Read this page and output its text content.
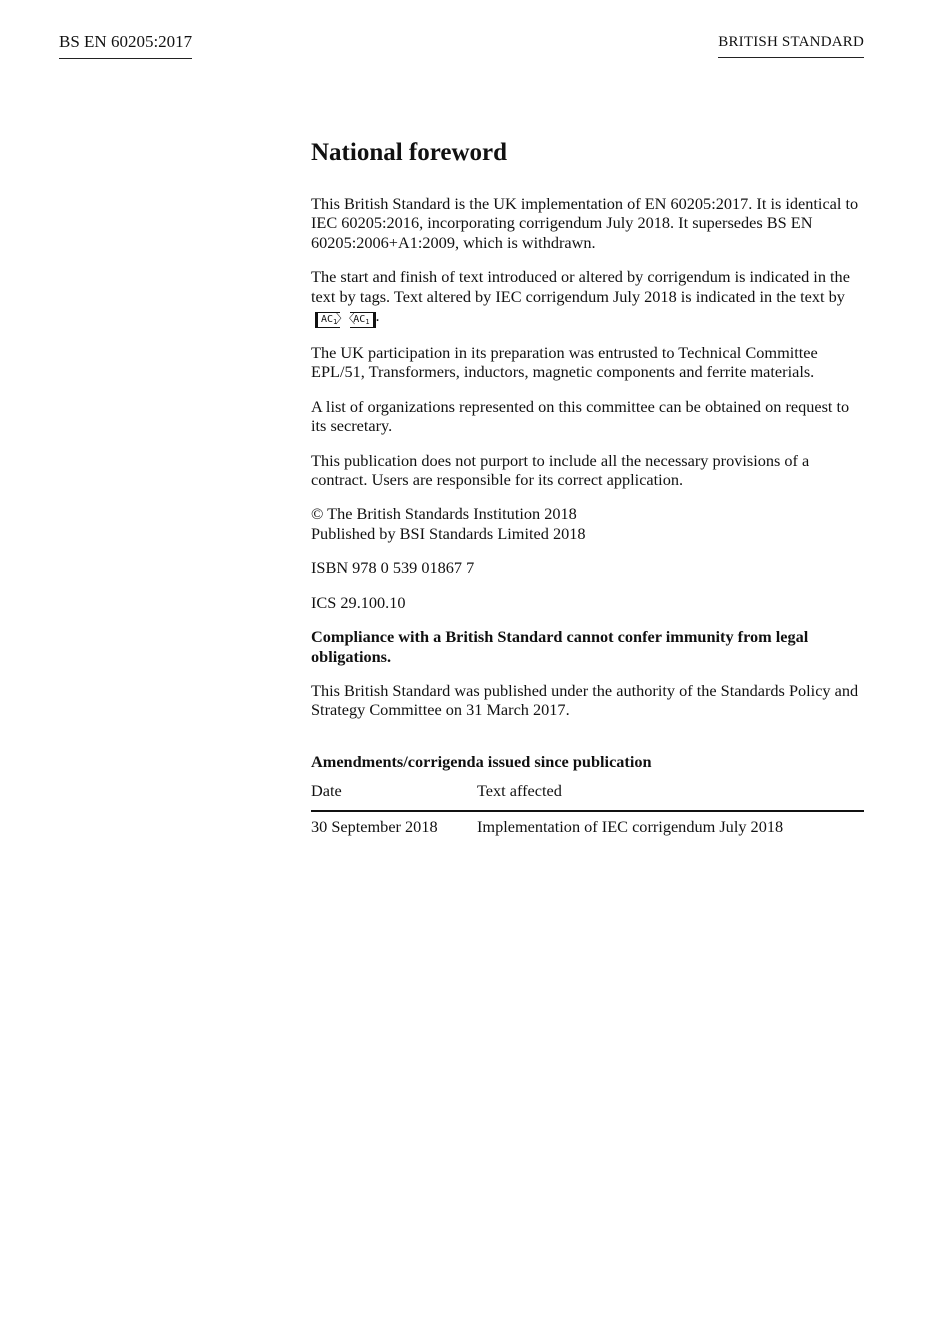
BS EN 60205:2017	BRITISH STANDARD
National foreword

This British Standard is the UK implementation of EN 60205:2017. It is identical to IEC 60205:2016, incorporating corrigendum July 2018. It supersedes BS EN 60205:2006+A1:2009, which is withdrawn.

The start and finish of text introduced or altered by corrigendum is indicated in the text by tags. Text altered by IEC corrigendum July 2018 is indicated in the text by $AC_1$ 〉 〈 $AC_1$ .

The UK participation in its preparation was entrusted to Technical Committee EPL/51, Transformers, inductors, magnetic components and ferrite materials.

A list of organizations represented on this committee can be obtained on request to its secretary.

This publication does not purport to include all the necessary provisions of a contract. Users are responsible for its correct application.

© The British Standards Institution 2018
Published by BSI Standards Limited 2018

ISBN 978 0 539 01867 7

ICS 29.100.10

Compliance with a British Standard cannot confer immunity from legal obligations.

This British Standard was published under the authority of the Standards Policy and Strategy Committee on 31 March 2017.

Amendments/corrigenda issued since publication
Date	Text affected
30 September 2018	Implementation of IEC corrigendum July 2018
